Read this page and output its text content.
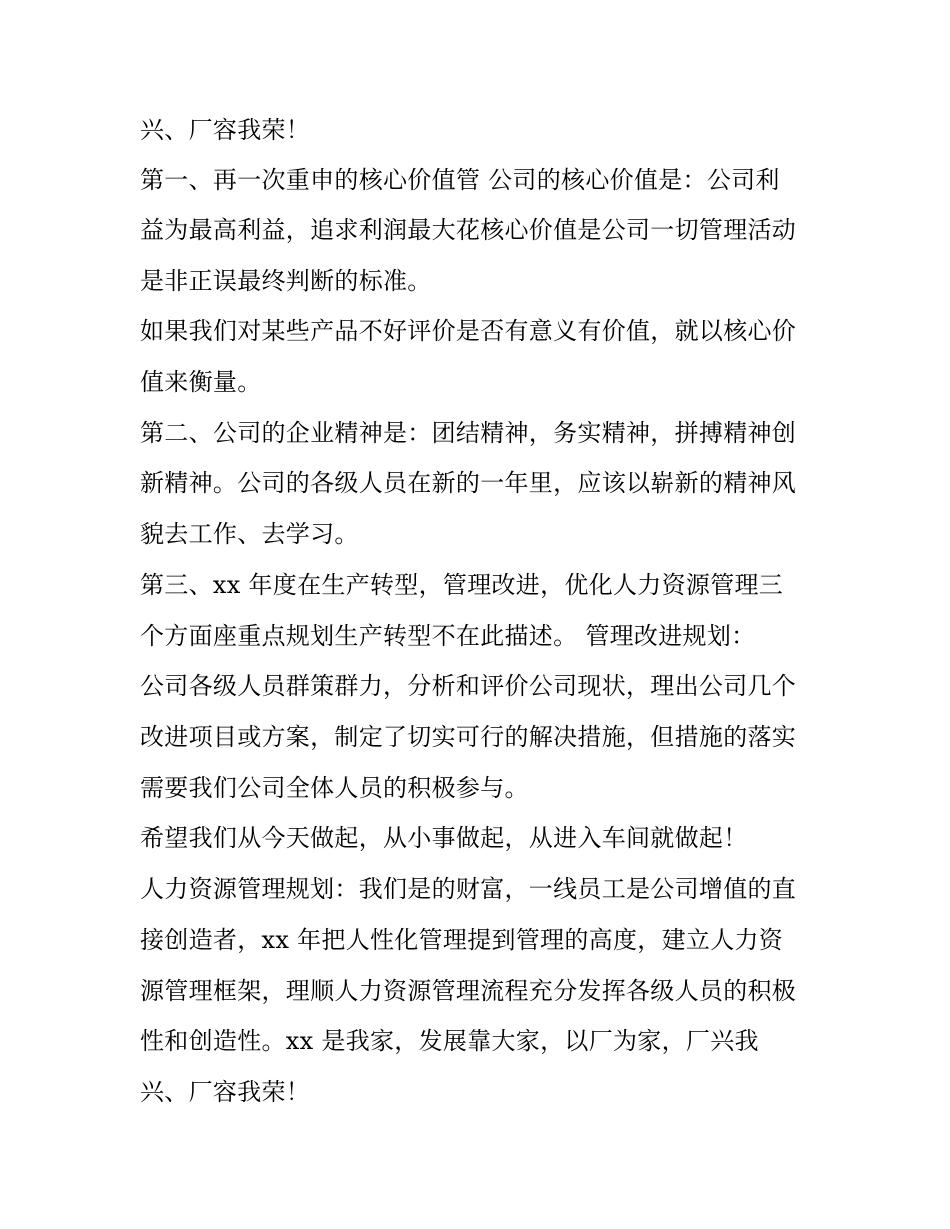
兴、厂容我荣！
第一、再一次重申的核心价值管 公司的核心价值是：公司利
益为最高利益，追求利润最大花核心价值是公司一切管理活动
是非正误最终判断的标准。
如果我们对某些产品不好评价是否有意义有价值，就以核心价
值来衡量。
第二、公司的企业精神是：团结精神，务实精神，拼搏精神创
新精神。公司的各级人员在新的一年里，应该以崭新的精神风
貌去工作、去学习。
第三、xx 年度在生产转型，管理改进，优化人力资源管理三
个方面座重点规划生产转型不在此描述。 管理改进规划：
公司各级人员群策群力，分析和评价公司现状，理出公司几个
改进项目或方案，制定了切实可行的解决措施，但措施的落实
需要我们公司全体人员的积极参与。
希望我们从今天做起，从小事做起，从进入车间就做起！
人力资源管理规划：我们是的财富，一线员工是公司增值的直
接创造者，xx 年把人性化管理提到管理的高度，建立人力资
源管理框架，理顺人力资源管理流程充分发挥各级人员的积极
性和创造性。xx 是我家，发展靠大家，以厂为家，厂兴我
兴、厂容我荣！
